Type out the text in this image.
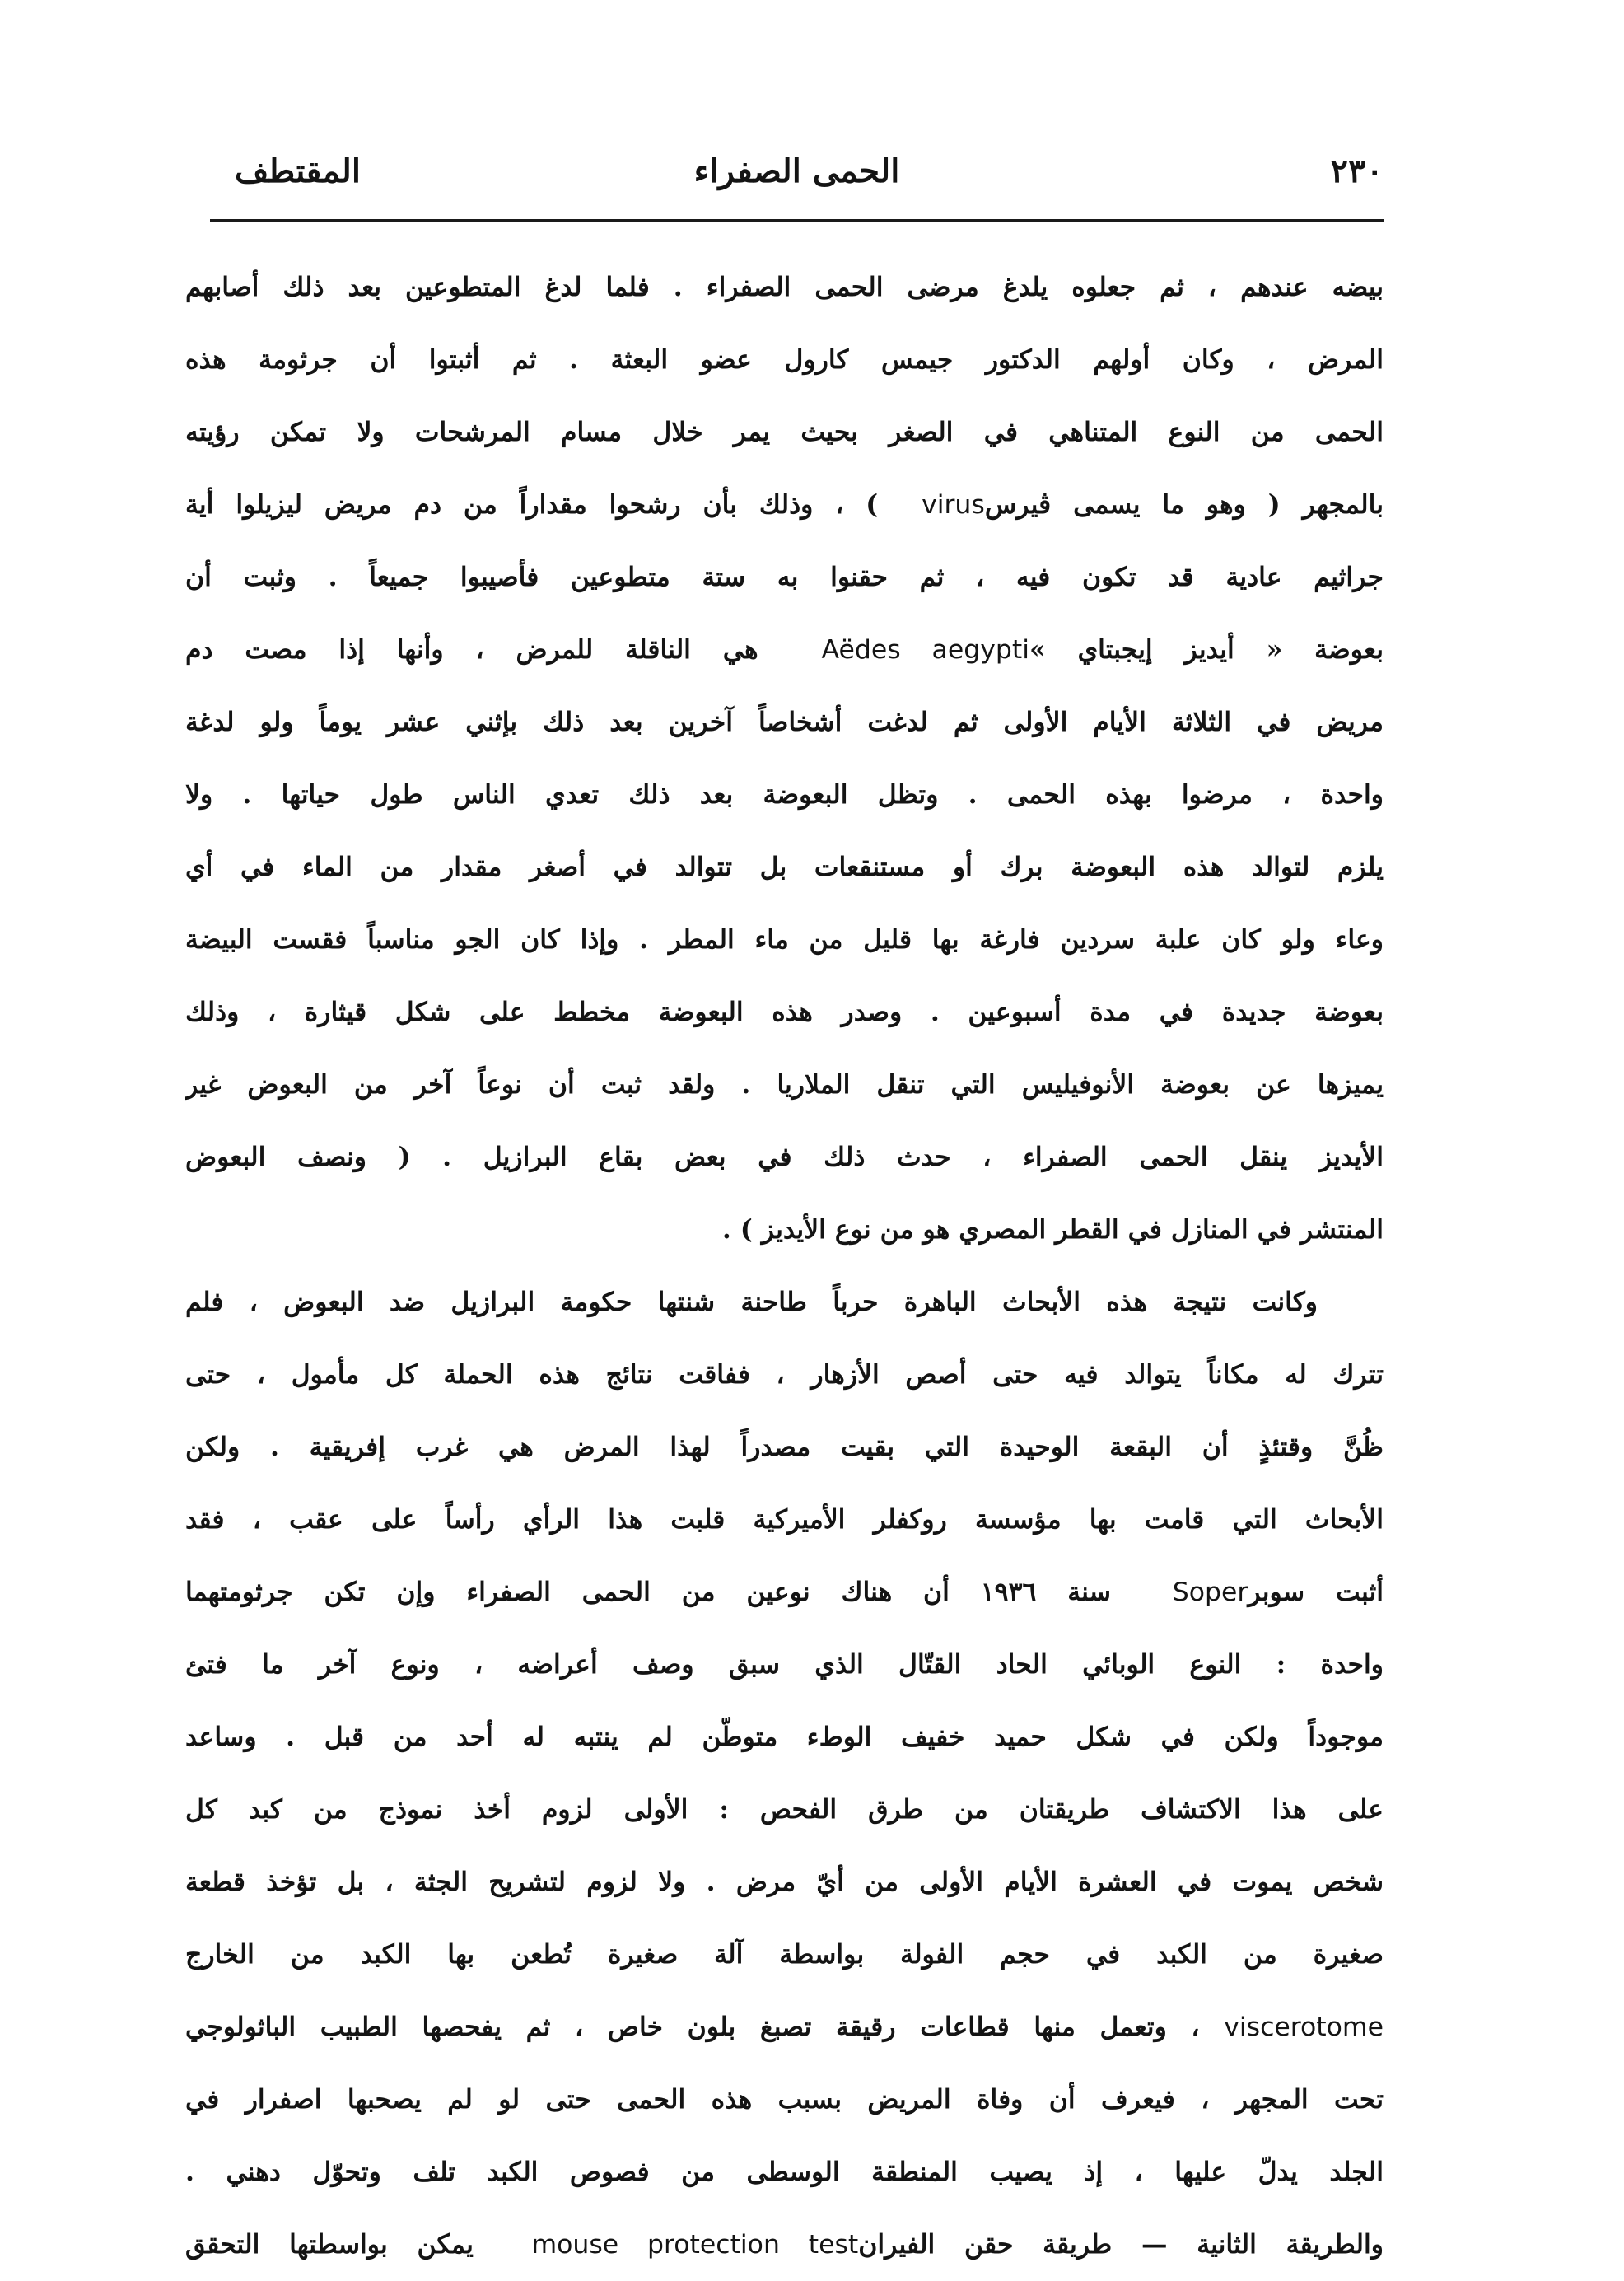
٢٣٠
الحمى الصفراء
المقتطف
بيضه عندهم ، ثم جعلوه يلدغ مرضى الحمى الصفراء . فلما لدغ المتطوعين بعد ذلك أصابهم
المرض ، وكان أولهم الدكتور جيمس كارول عضو البعثة . ثم أثبتوا أن جرثومة هذه
الحمى من النوع المتناهي في الصغر بحيث يمر خلال مسام المرشحات ولا تمكن رؤيته
بالمجهر ( وهو ما يسمى ڤيرس virus ) ، وذلك بأن رشحوا مقداراً من دم مريض ليزيلوا أية
جراثيم عادية قد تكون فيه ، ثم حقنوا به ستة متطوعين فأصيبوا جميعاً . وثبت أن
بعوضة « أيديز إيجبتاي » Aëdes aegypti هي الناقلة للمرض ، وأنها إذا مصت دم
مريض في الثلاثة الأيام الأولى ثم لدغت أشخاصاً آخرين بعد ذلك بإثني عشر يوماً ولو لدغة
واحدة ، مرضوا بهذه الحمى . وتظل البعوضة بعد ذلك تعدي الناس طول حياتها . ولا
يلزم لتوالد هذه البعوضة برك أو مستنقعات بل تتوالد في أصغر مقدار من الماء في أي
وعاء ولو كان علبة سردين فارغة بها قليل من ماء المطر . وإذا كان الجو مناسباً فقست البيضة
بعوضة جديدة في مدة أسبوعين . وصدر هذه البعوضة مخطط على شكل قيثارة ، وذلك
يميزها عن بعوضة الأنوفيليس التي تنقل الملاريا . ولقد ثبت أن نوعاً آخر من البعوض غير
الأيديز ينقل الحمى الصفراء ، حدث ذلك في بعض بقاع البرازيل . ( ونصف البعوض
المنتشر في المنازل في القطر المصري هو من نوع الأيديز ) .
وكانت نتيجة هذه الأبحاث الباهرة حرباً طاحنة شنتها حكومة البرازيل ضد البعوض ، فلم
تترك له مكاناً يتوالد فيه حتى أصص الأزهار ، ففاقت نتائج هذه الحملة كل مأمول ، حتى
ظُنَّ وقتئذٍ أن البقعة الوحيدة التي بقيت مصدراً لهذا المرض هي غرب إفريقية . ولكن
الأبحاث التي قامت بها مؤسسة روكفلر الأميركية قلبت هذا الرأي رأساً على عقب ، فقد
أثبت سوبر Soper سنة ١٩٣٦ أن هناك نوعين من الحمى الصفراء وإن تكن جرثومتهما
واحدة : النوع الوبائي الحاد القتّال الذي سبق وصف أعراضه ، ونوع آخر ما فتئ
موجوداً ولكن في شكل حميد خفيف الوطء متوطّن لم ينتبه له أحد من قبل . وساعد
على هذا الاكتشاف طريقتان من طرق الفحص : الأولى لزوم أخذ نموذج من كبد كل
شخص يموت في العشرة الأيام الأولى من أيّ مرض . ولا لزوم لتشريح الجثة ، بل تؤخذ قطعة
صغيرة من الكبد في حجم الفولة بواسطة آلة صغيرة تُطعن بها الكبد من الخارج
viscerotome ، وتعمل منها قطاعات رقيقة تصبغ بلون خاص ، ثم يفحصها الطبيب الباثولوجي
تحت المجهر ، فيعرف أن وفاة المريض بسبب هذه الحمى حتى لو لم يصحبها اصفرار في
الجلد يدلّ عليها ، إذ يصيب المنطقة الوسطى من فصوص الكبد تلف وتحوّل دهني .
والطريقة الثانية — طريقة حقن الفيران mouse protection test يمكن بواسطتها التحقق
